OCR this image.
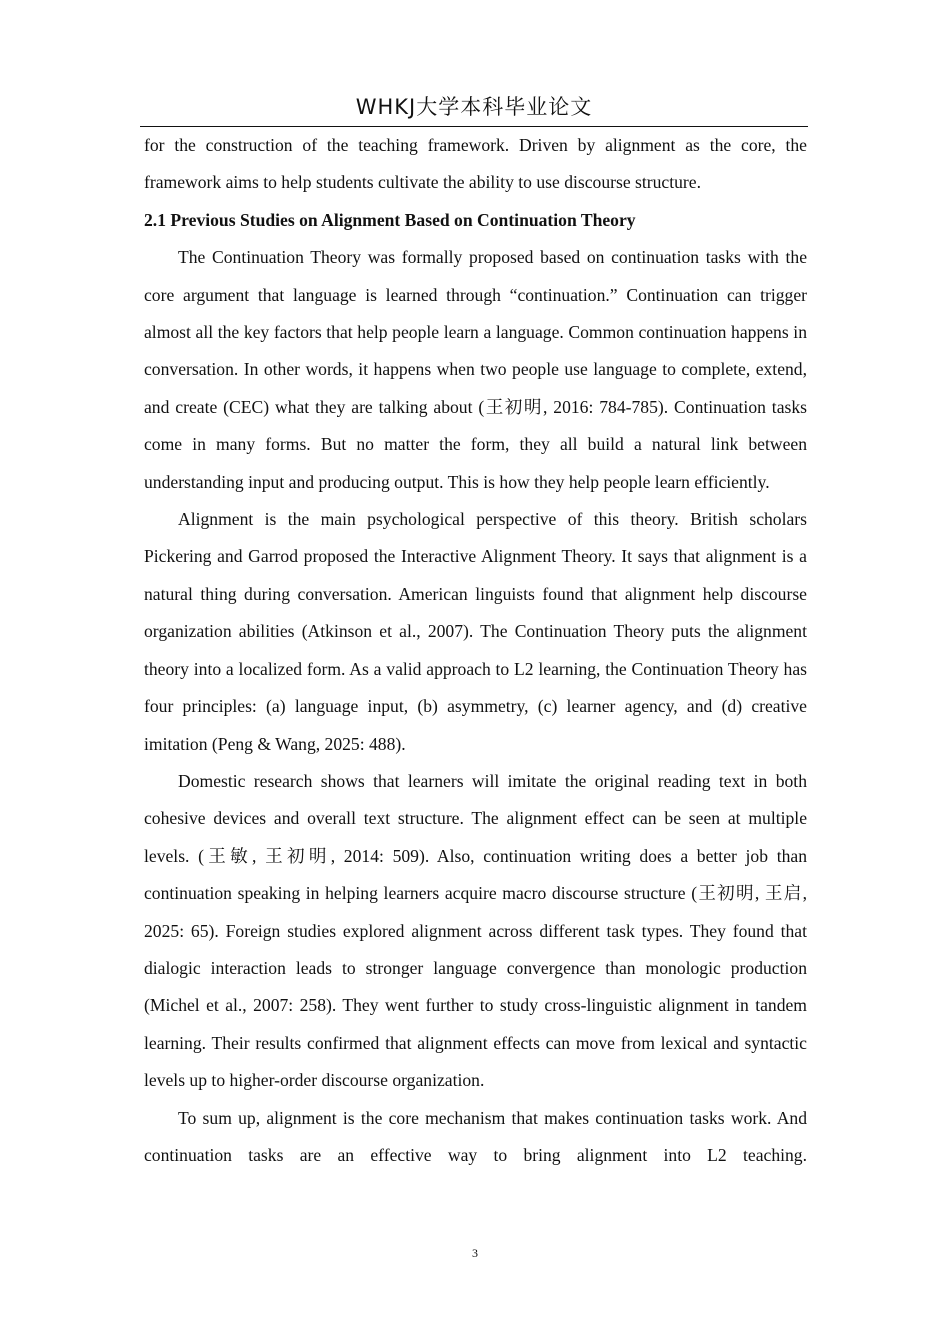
WHKJ大学本科毕业论文

for the construction of the teaching framework. Driven by alignment as the core, the framework aims to help students cultivate the ability to use discourse structure.

2.1 Previous Studies on Alignment Based on Continuation Theory

The Continuation Theory was formally proposed based on continuation tasks with the core argument that language is learned through “continuation.” Continuation can trigger almost all the key factors that help people learn a language. Common continuation happens in conversation. In other words, it happens when two people use language to complete, extend, and create (CEC) what they are talking about (王初明, 2016: 784-785). Continuation tasks come in many forms. But no matter the form, they all build a natural link between understanding input and producing output. This is how they help people learn efficiently.

Alignment is the main psychological perspective of this theory. British scholars Pickering and Garrod proposed the Interactive Alignment Theory. It says that alignment is a natural thing during conversation. American linguists found that alignment help discourse organization abilities (Atkinson et al., 2007). The Continuation Theory puts the alignment theory into a localized form. As a valid approach to L2 learning, the Continuation Theory has four principles: (a) language input, (b) asymmetry, (c) learner agency, and (d) creative imitation (Peng & Wang, 2025: 488).

Domestic research shows that learners will imitate the original reading text in both cohesive devices and overall text structure. The alignment effect can be seen at multiple levels. (王敏, 王初明, 2014: 509). Also, continuation writing does a better job than continuation speaking in helping learners acquire macro discourse structure (王初明, 王启, 2025: 65). Foreign studies explored alignment across different task types. They found that dialogic interaction leads to stronger language convergence than monologic production (Michel et al., 2007: 258). They went further to study cross-linguistic alignment in tandem learning. Their results confirmed that alignment effects can move from lexical and syntactic levels up to higher-order discourse organization.

To sum up, alignment is the core mechanism that makes continuation tasks work. And continuation tasks are an effective way to bring alignment into L2 teaching.

3
